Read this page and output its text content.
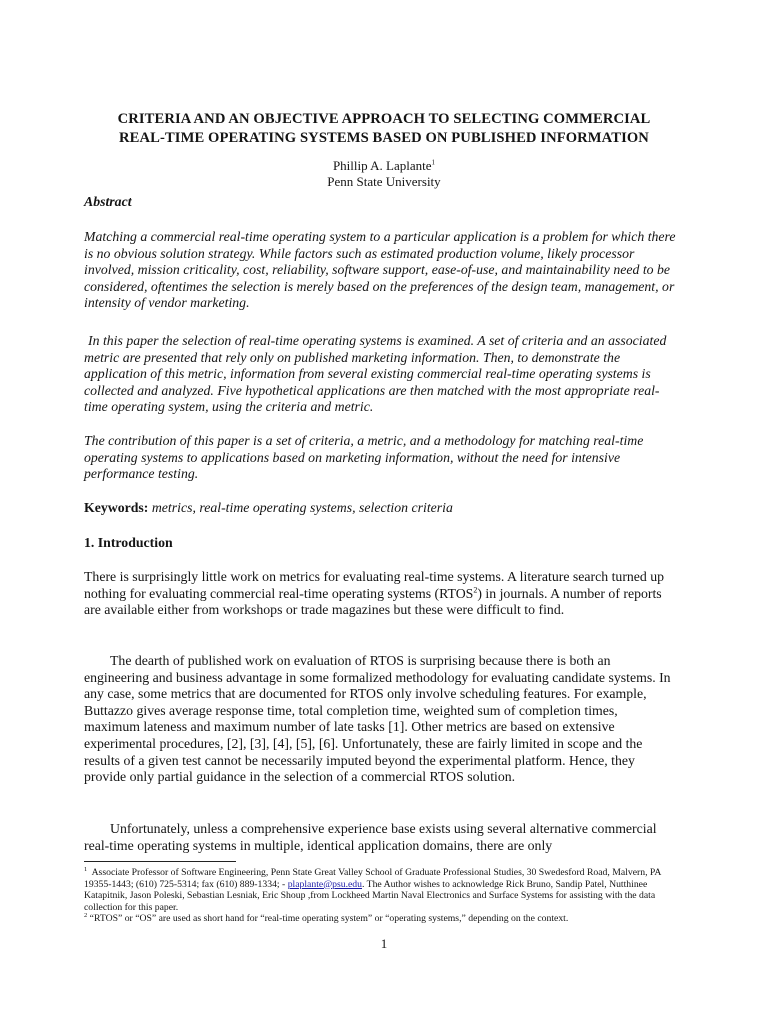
CRITERIA AND AN OBJECTIVE APPROACH TO SELECTING COMMERCIAL
REAL-TIME OPERATING SYSTEMS BASED ON PUBLISHED INFORMATION
Phillip A. Laplante$^1$
Penn State University
Abstract

Matching a commercial real-time operating system to a particular application is a problem for which there is no obvious solution strategy. While factors such as estimated production volume, likely processor involved, mission criticality, cost, reliability, software support, ease-of-use, and maintainability need to be considered, oftentimes the selection is merely based on the preferences of the design team, management, or intensity of vendor marketing.

In this paper the selection of real-time operating systems is examined. A set of criteria and an associated metric are presented that rely only on published marketing information. Then, to demonstrate the application of this metric, information from several existing commercial real-time operating systems is collected and analyzed. Five hypothetical applications are then matched with the most appropriate real-time operating system, using the criteria and metric.

The contribution of this paper is a set of criteria, a metric, and a methodology for matching real-time operating systems to applications based on marketing information, without the need for intensive performance testing.

Keywords: metrics, real-time operating systems, selection criteria
1. Introduction

There is surprisingly little work on metrics for evaluating real-time systems. A literature search turned up nothing for evaluating commercial real-time operating systems (RTOS$^2$) in journals. A number of reports are available either from workshops or trade magazines but these were difficult to find.

The dearth of published work on evaluation of RTOS is surprising because there is both an engineering and business advantage in some formalized methodology for evaluating candidate systems. In any case, some metrics that are documented for RTOS only involve scheduling features. For example, Buttazzo gives average response time, total completion time, weighted sum of completion times, maximum lateness and maximum number of late tasks [1]. Other metrics are based on extensive experimental procedures, [2], [3], [4], [5], [6]. Unfortunately, these are fairly limited in scope and the results of a given test cannot be necessarily imputed beyond the experimental platform. Hence, they provide only partial guidance in the selection of a commercial RTOS solution.

Unfortunately, unless a comprehensive experience base exists using several alternative commercial real-time operating systems in multiple, identical application domains, there are only

$^1$ Associate Professor of Software Engineering, Penn State Great Valley School of Graduate Professional Studies, 30 Swedesford Road, Malvern, PA 19355-1443; (610) 725-5314; fax (610) 889-1334; - plaplante@psu.edu. The Author wishes to acknowledge Rick Bruno, Sandip Patel, Nutthinee Katapitnik, Jason Poleski, Sebastian Lesniak, Eric Shoup ,from Lockheed Martin Naval Electronics and Surface Systems for assisting with the data collection for this paper.

$^2$ “RTOS” or “OS” are used as short hand for “real-time operating system” or “operating systems,” depending on the context.

1
